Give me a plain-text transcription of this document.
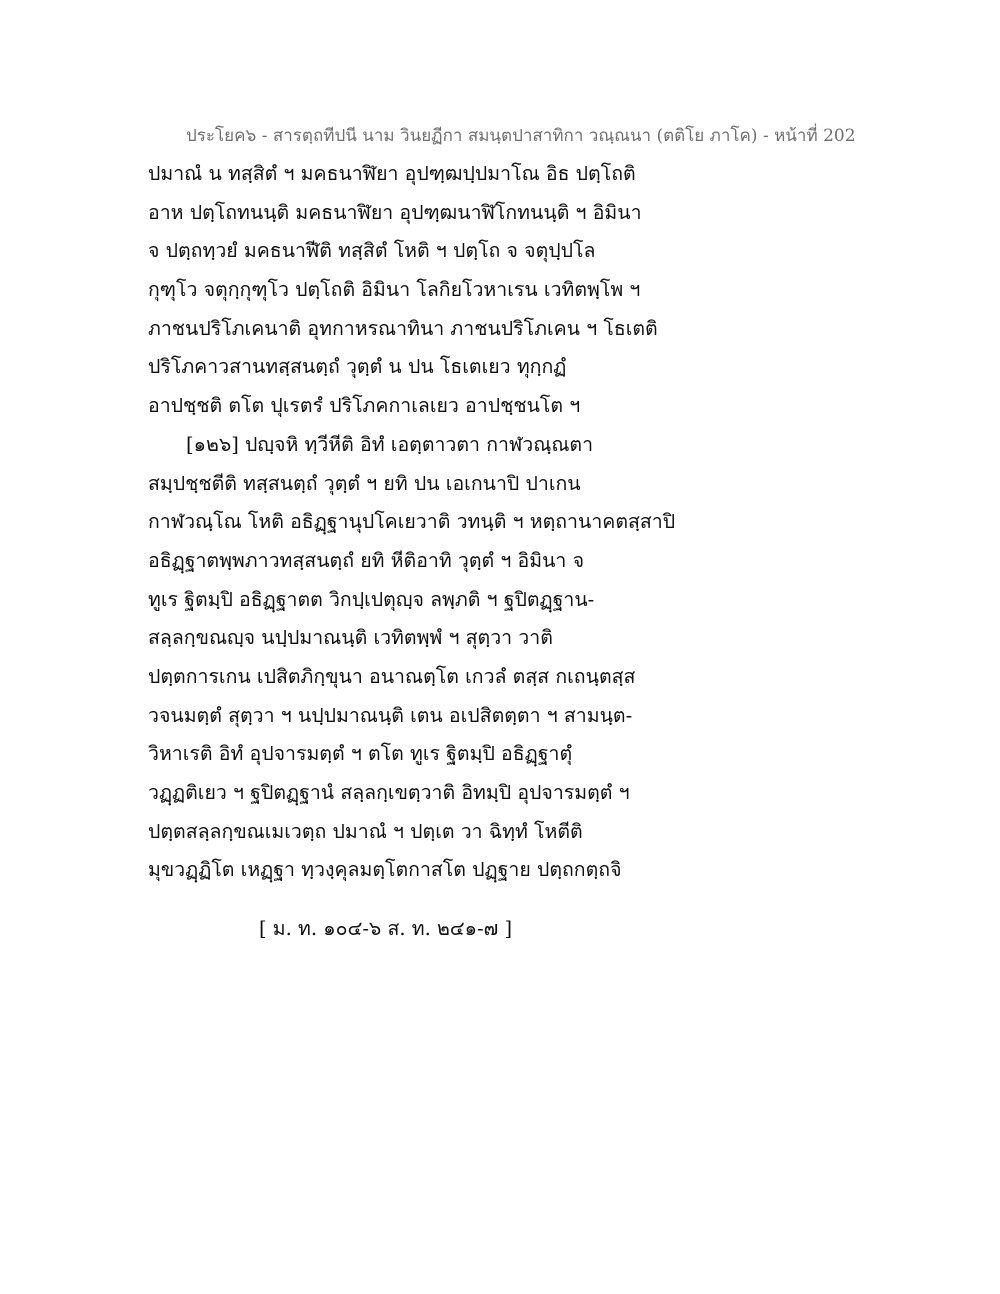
ประโยค๖ - สารตฺถทีปนี นาม วินยฏีกา สมนฺตปาสาทิกา วณฺณนา (ตติโย ภาโค) - หน้าที่ 202
ปมาณํ น ทสฺสิตํ ฯ มคธนาฬิยา อุปฑฺฒปฺปมาโณ อิธ ปตฺโถติ
อาห ปตฺโถทนนฺติ มคธนาฬิยา อุปฑฺฒนาฬิโกทนนฺติ ฯ อิมินา
จ ปตฺถทฺวยํ มคธนาฬีติ ทสฺสิตํ โหติ ฯ ปตฺโถ จ จตุปฺปโล
กุฑุโว จตุกฺกุฑุโว ปตฺโถติ อิมินา โลกิยโวหาเรน เวทิตพฺโพ ฯ
ภาชนปริโภเคนาติ อุทกาหรณาทินา ภาชนปริโภเคน ฯ โธเตติ
ปริโภคาวสานทสฺสนตฺถํ วุตฺตํ น ปน โธเตเยว ทุกฺกฏํ
อาปชฺชติ ตโต ปุเรตรํ ปริโภคกาเลเยว อาปชฺชนโต ฯ
[๑๒๖] ปญฺจหิ ทฺวีหีติ อิทํ เอตฺตาวตา กาฬวณฺณตา
สมฺปชฺชตีติ ทสฺสนตฺถํ วุตฺตํ ฯ ยทิ ปน เอเกนาปิ ปาเกน
กาฬวณฺโณ โหติ อธิฏฺฐานุปโคเยวาติ วทนฺติ ฯ หตฺถานาคตสฺสาปิ
อธิฏฺฐาตพฺพภาวทสฺสนตฺถํ ยทิ หีติอาทิ วุตฺตํ ฯ อิมินา จ
ทูเร ฐิตมฺปิ อธิฏฺฐาตต วิกปฺเปตุญฺจ ลพฺภติ ฯ ฐปิตฏฺฐาน-
สลฺลกฺขณญฺจ นปฺปมาณนฺติ เวทิตพฺพํ ฯ สุตฺวา วาติ
ปตฺตการเกน เปสิตภิกฺขุนา อนาณตฺโต เกวลํ ตสฺส กเถนฺตสฺส
วจนมตฺตํ สุตฺวา ฯ นปฺปมาณนฺติ เตน อเปสิตตฺตา ฯ สามนฺต-
วิหาเรติ อิทํ อุปจารมตฺตํ ฯ ตโต ทูเร ฐิตมฺปิ อธิฏฺฐาตุํ
วฏฺฏติเยว ฯ ฐปิตฏฺฐานํ สลฺลกฺเขตฺวาติ อิทมฺปิ อุปจารมตฺตํ ฯ
ปตฺตสลฺลกฺขณเมเวตฺถ ปมาณํ ฯ ปตฺเต วา ฉิทฺทํ โหตีติ
มุขวฏฺฏิโต เหฏฺฐา ทฺวงฺคุลมตฺโตกาสโต ปฏฺฐาย ปตฺถกตฺถจิ
[ ม. ท. ๑๐๔-๖ ส. ท. ๒๔๑-๗ ]
